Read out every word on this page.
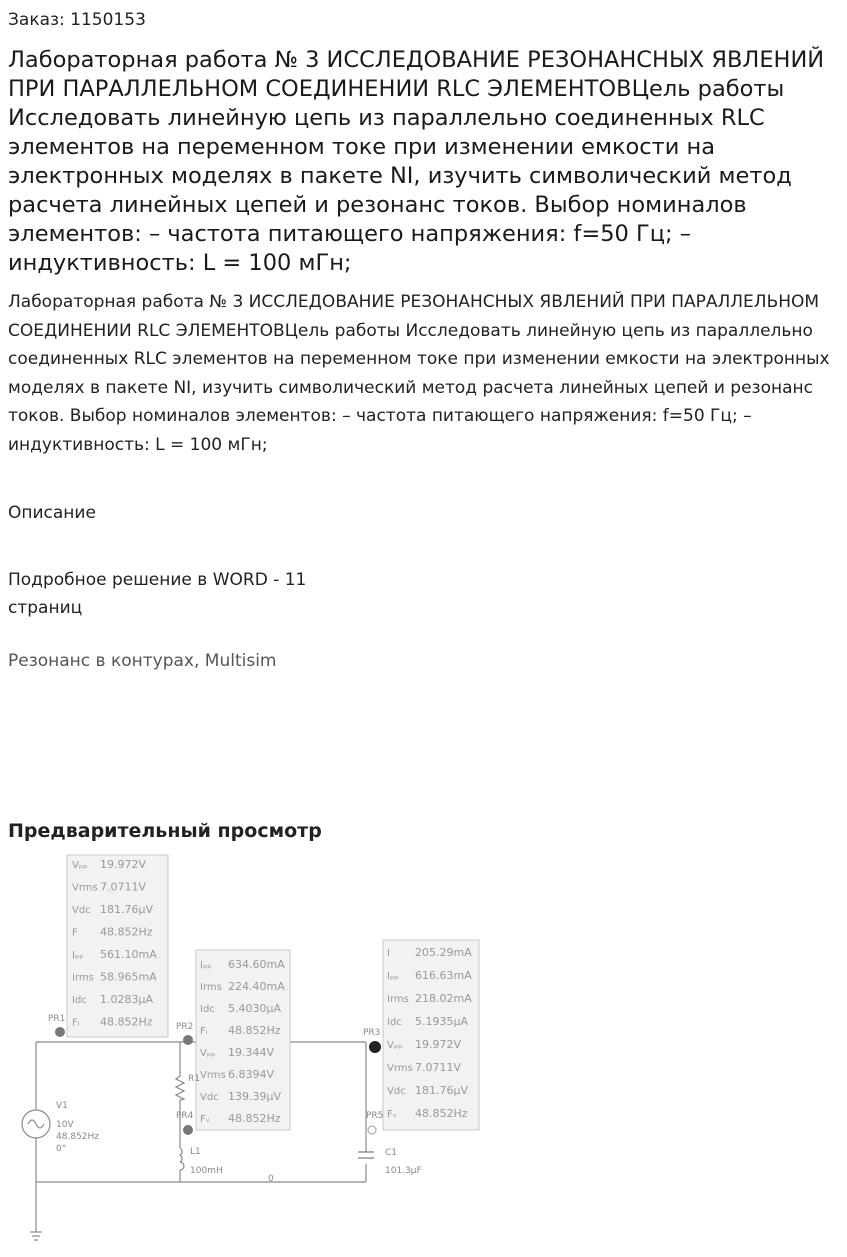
Заказ: 1150153
Лабораторная работа № 3 ИССЛЕДОВАНИЕ РЕЗОНАНСНЫХ ЯВЛЕНИЙ ПРИ ПАРАЛЛЕЛЬНОМ СОЕДИНЕНИИ RLC ЭЛЕМЕНТОВЦель работы Исследовать линейную цепь из параллельно соединенных RLC элементов на переменном токе при изменении емкости на электронных моделях в пакете NI, изучить символический метод расчета линейных цепей и резонанс токов. Выбор номиналов элементов: – частота питающего напряжения: f=50 Гц; – индуктивность: L = 100 мГн;

Лабораторная работа № 3 ИССЛЕДОВАНИЕ РЕЗОНАНСНЫХ ЯВЛЕНИЙ ПРИ ПАРАЛЛЕЛЬНОМ СОЕДИНЕНИИ RLC ЭЛЕМЕНТОВЦель работы Исследовать линейную цепь из параллельно соединенных RLC элементов на переменном токе при изменении емкости на электронных моделях в пакете NI, изучить символический метод расчета линейных цепей и резонанс токов. Выбор номиналов элементов: – частота питающего напряжения: f=50 Гц; – индуктивность: L = 100 мГн;

Описание
Подробное решение в WORD - 11 страниц
Резонанс в контурах, Multisim
Предварительный просмотр
Vₚₚ 19.972V
Vrms 7.0711V
Vdc 181.76µV
F 48.852Hz
Iₚₚ 561.10mA
Irms 58.965mA
Idc 1.0283µA
Fᵢ 48.852Hz
Iₚₚ 634.60mA
Irms 224.40mA
Idc 5.4030µA
Fᵢ 48.852Hz
Vₚₚ 19.344V
Vrms 6.8394V
Vdc 139.39µV
Fᵥ 48.852Hz
I 205.29mA
Iₚₚ 616.63mA
Irms 218.02mA
Idc 5.1935µA
Vₚₚ 19.972V
Vrms 7.0711V
Vdc 181.76µV
Fᵥ 48.852Hz
PR1
PR2
PR3
PR4	PR5
V1
10V
48.852Hz
0°
R1
L1
100mH
C1
101.3µF
0
